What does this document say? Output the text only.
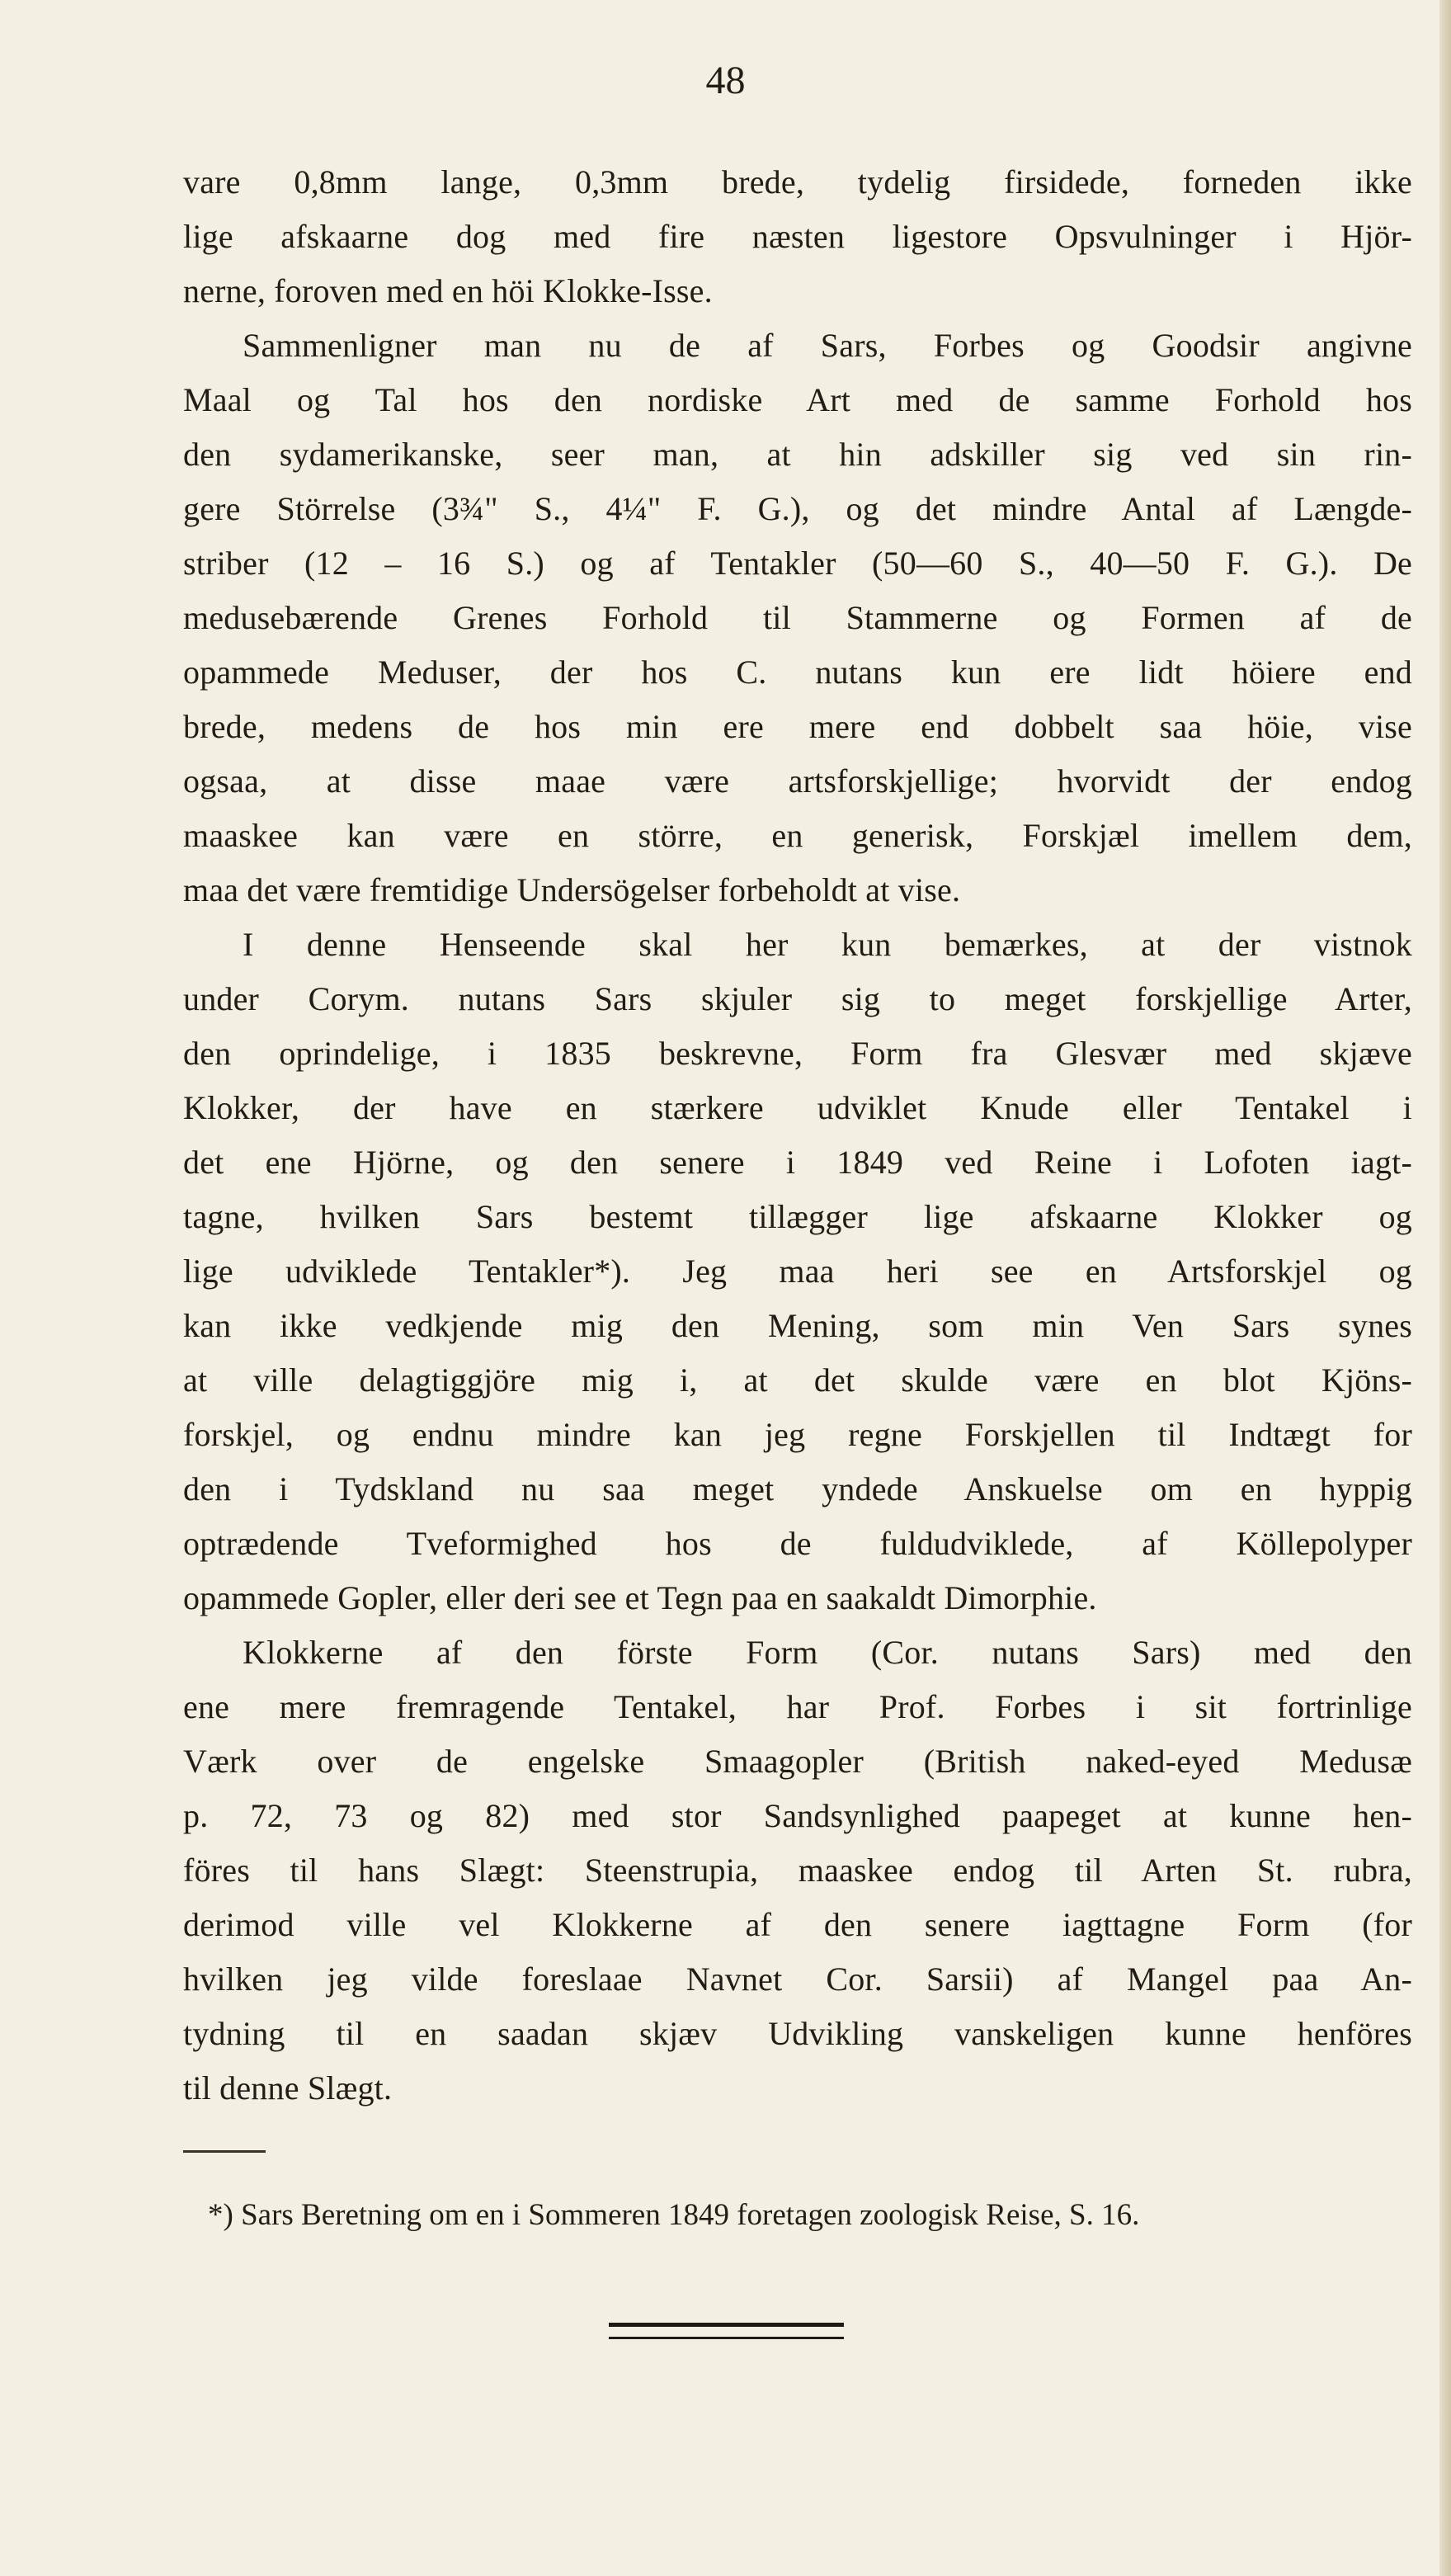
48
vare 0,8mm lange, 0,3mm brede, tydelig firsidede, forneden ikke
lige afskaarne dog med fire næsten ligestore Opsvulninger i Hjör-
nerne, foroven med en höi Klokke-Isse.
Sammenligner man nu de af Sars, Forbes og Goodsir angivne
Maal og Tal hos den nordiske Art med de samme Forhold hos
den sydamerikanske, seer man, at hin adskiller sig ved sin rin-
gere Störrelse (3¾" S., 4¼" F. G.), og det mindre Antal af Længde-
striber (12 – 16 S.) og af Tentakler (50—60 S., 40—50 F. G.). De
medusebærende Grenes Forhold til Stammerne og Formen af de
opammede Meduser, der hos C. nutans kun ere lidt höiere end
brede, medens de hos min ere mere end dobbelt saa höie, vise
ogsaa, at disse maae være artsforskjellige; hvorvidt der endog
maaskee kan være en större, en generisk, Forskjæl imellem dem,
maa det være fremtidige Undersögelser forbeholdt at vise.
I denne Henseende skal her kun bemærkes, at der vistnok
under Corym. nutans Sars skjuler sig to meget forskjellige Arter,
den oprindelige, i 1835 beskrevne, Form fra Glesvær med skjæve
Klokker, der have en stærkere udviklet Knude eller Tentakel i
det ene Hjörne, og den senere i 1849 ved Reine i Lofoten iagt-
tagne, hvilken Sars bestemt tillægger lige afskaarne Klokker og
lige udviklede Tentakler*). Jeg maa heri see en Artsforskjel og
kan ikke vedkjende mig den Mening, som min Ven Sars synes
at ville delagtiggjöre mig i, at det skulde være en blot Kjöns-
forskjel, og endnu mindre kan jeg regne Forskjellen til Indtægt for
den i Tydskland nu saa meget yndede Anskuelse om en hyppig
optrædende Tveformighed hos de fuldudviklede, af Köllepolyper
opammede Gopler, eller deri see et Tegn paa en saakaldt Dimorphie.
Klokkerne af den förste Form (Cor. nutans Sars) med den
ene mere fremragende Tentakel, har Prof. Forbes i sit fortrinlige
Værk over de engelske Smaagopler (British naked-eyed Medusæ
p. 72, 73 og 82) med stor Sandsynlighed paapeget at kunne hen-
föres til hans Slægt: Steenstrupia, maaskee endog til Arten St. rubra,
derimod ville vel Klokkerne af den senere iagttagne Form (for
hvilken jeg vilde foreslaae Navnet Cor. Sarsii) af Mangel paa An-
tydning til en saadan skjæv Udvikling vanskeligen kunne henföres
til denne Slægt.
*) Sars Beretning om en i Sommeren 1849 foretagen zoologisk Reise, S. 16.
